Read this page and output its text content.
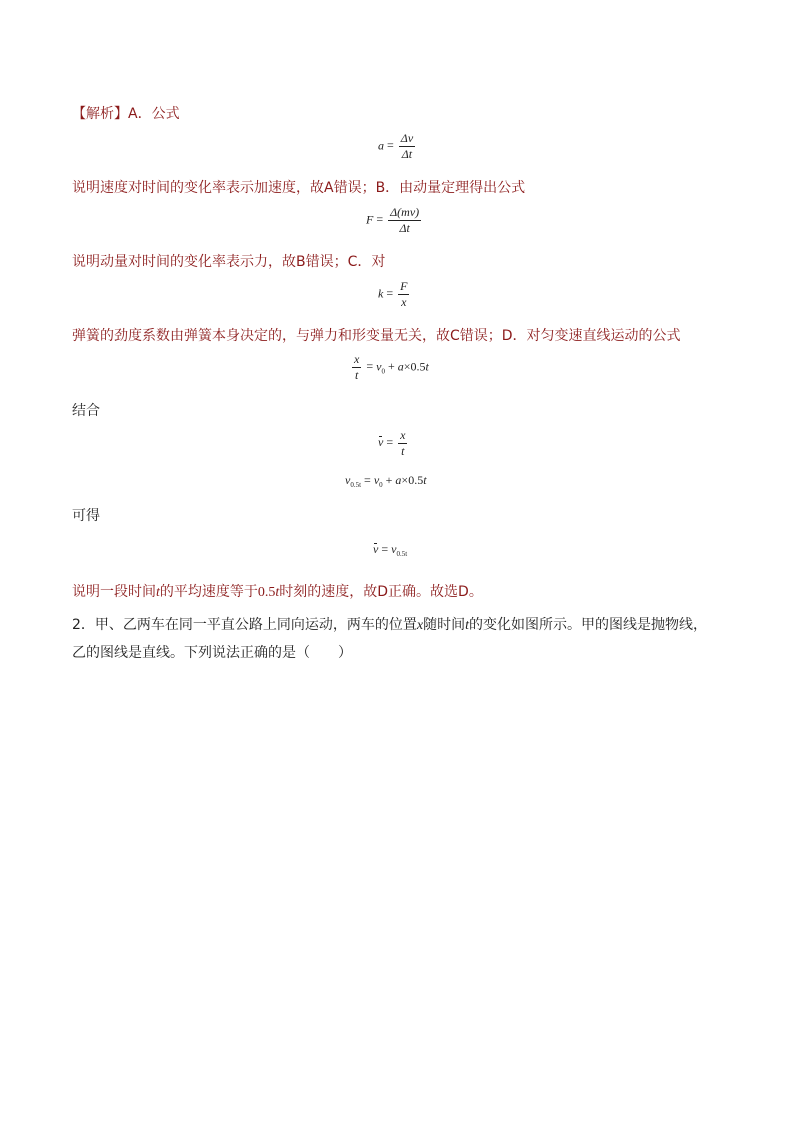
【解析】A．公式
$a = \frac{\Delta v}{\Delta t}$
说明速度对时间的变化率表示加速度，故A错误；B．由动量定理得出公式
$F = \frac{\Delta(mv)}{\Delta t}$
说明动量对时间的变化率表示力，故B错误；C．对
$k = \frac{F}{x}$
弹簧的劲度系数由弹簧本身决定的，与弹力和形变量无关，故C错误；D．对匀变速直线运动的公式
$\frac{x}{t} = v_0 + a\times 0.5t$
结合
$v = \frac{x}{t}$
$v_{0.5t} = v_0 + a\times 0.5t$
可得
$v = v_{0.5t}$
说明一段时间t的平均速度等于0.5t时刻的速度，故D正确。故选D。
2．甲、乙两车在同一平直公路上同向运动，两车的位置x随时间t的变化如图所示。甲的图线是抛物线，
乙的图线是直线。下列说法正确的是（　　）
